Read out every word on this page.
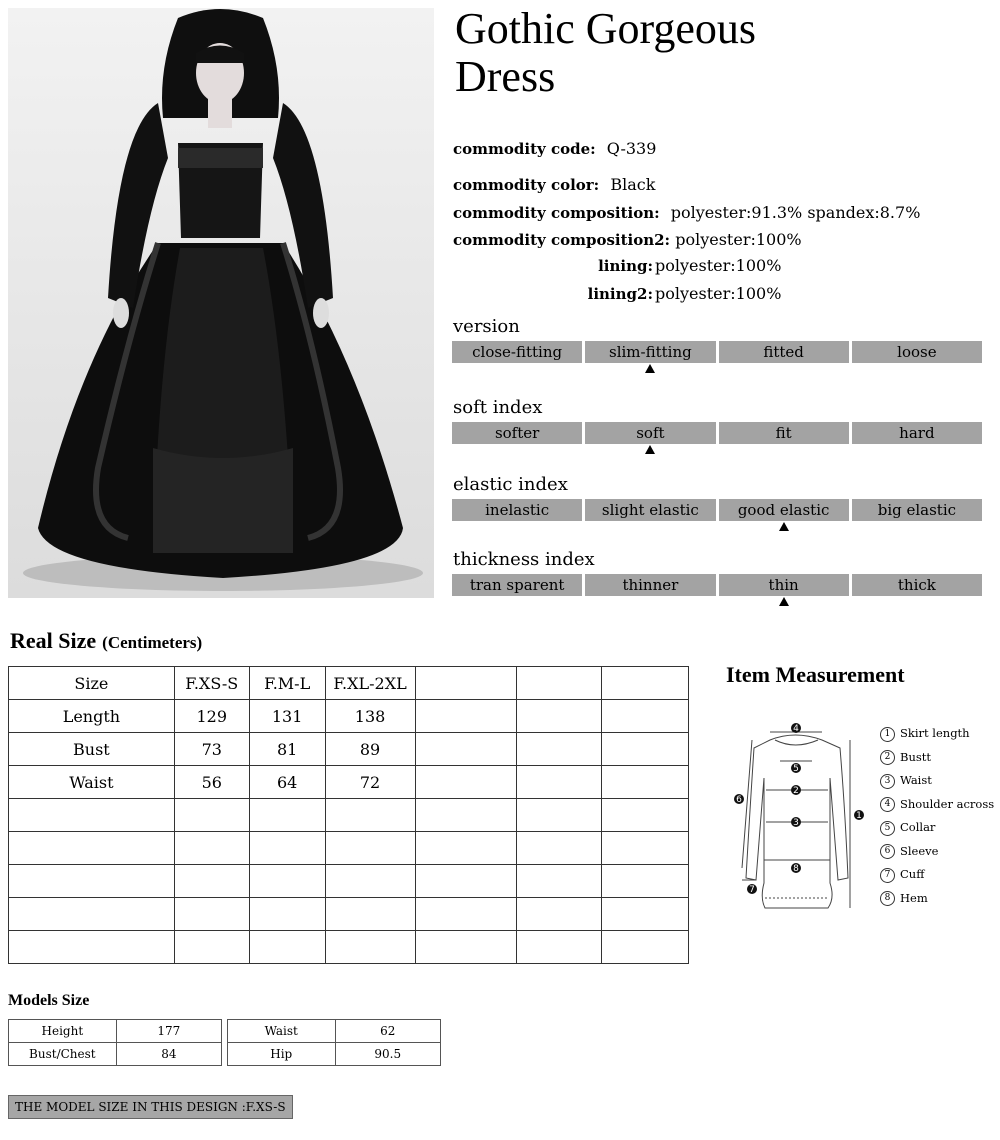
Gothic Gorgeous
Dress
commodity code: Q-339
commodity color: Black
commodity composition: polyester:91.3% spandex:8.7%
commodity composition2: polyester:100%
lining: polyester:100%
lining2: polyester:100%
version
close-fitting	slim-fitting	fitted	loose
soft index
softer	soft	fit	hard
elastic index
inelastic	slight elastic	good elastic	big elastic
thickness index
tran sparent	thinner	thin	thick
Real Size (Centimeters)
Size	F.XS-S	F.M-L	F.XL-2XL			
Length	129	131	138			
Bust	73	81	89			
Waist	56	64	72			

Item Measurement
4
5
2
3
8
1
6
7
1 Skirt length
2 Bustt
3 Waist
4 Shoulder across
5 Collar
6 Sleeve
7 Cuff
8 Hem
Models Size
Height	177
Bust/Chest	84
Waist	62
Hip	90.5
THE MODEL SIZE IN THIS DESIGN :F.XS-S
